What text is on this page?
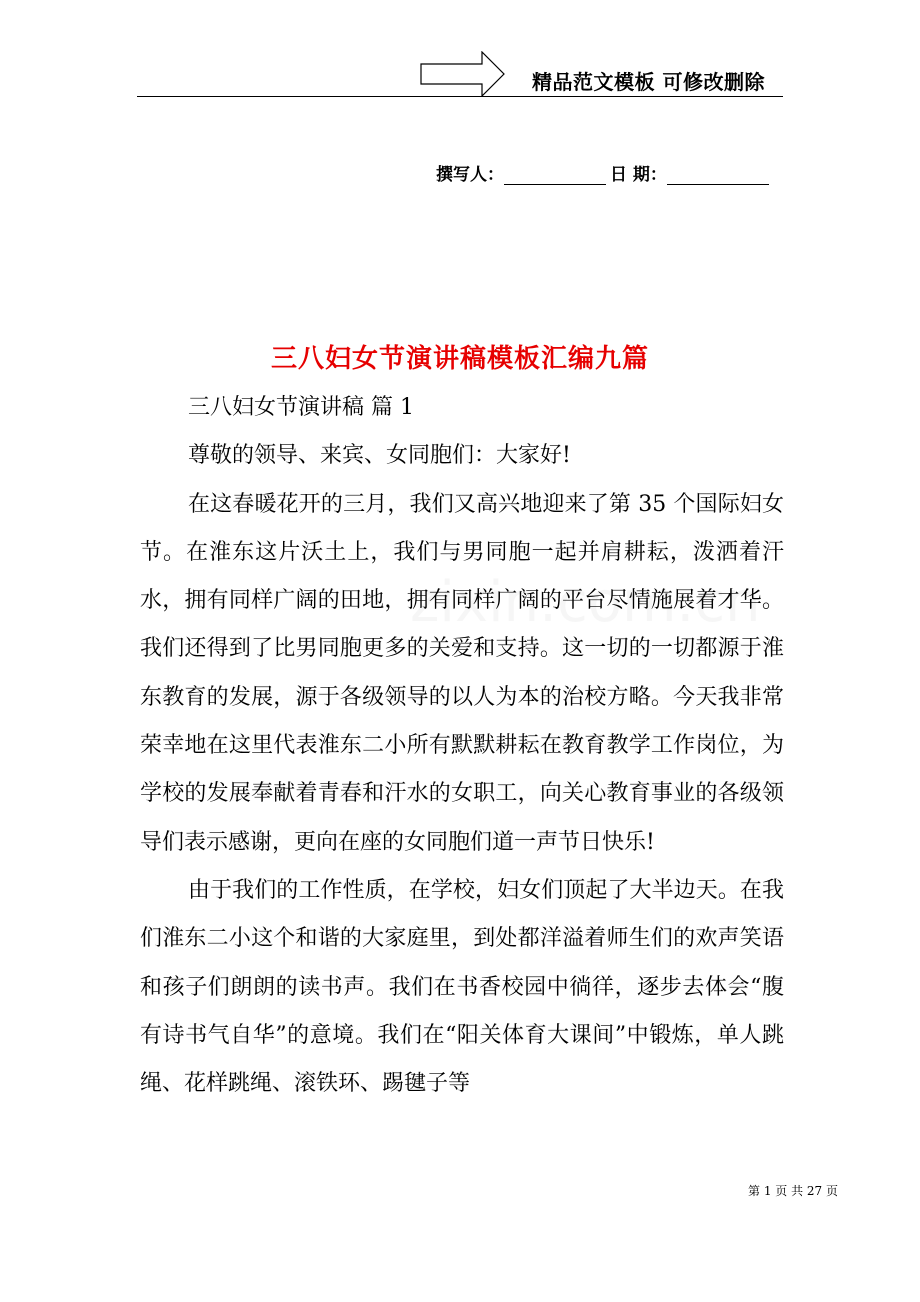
精品范文模板 可修改删除
撰写人：	日 期：
三八妇女节演讲稿模板汇编九篇

三八妇女节演讲稿 篇 1

尊敬的领导、来宾、女同胞们：大家好!

在这春暖花开的三月，我们又高兴地迎来了第 35 个国际妇女节。在淮东这片沃土上，我们与男同胞一起并肩耕耘，泼洒着汗水，拥有同样广阔的田地，拥有同样广阔的平台尽情施展着才华。我们还得到了比男同胞更多的关爱和支持。这一切的一切都源于淮东教育的发展，源于各级领导的以人为本的治校方略。今天我非常荣幸地在这里代表淮东二小所有默默耕耘在教育教学工作岗位，为学校的发展奉献着青春和汗水的女职工，向关心教育事业的各级领导们表示感谢，更向在座的女同胞们道一声节日快乐!

由于我们的工作性质，在学校，妇女们顶起了大半边天。在我们淮东二小这个和谐的大家庭里，到处都洋溢着师生们的欢声笑语和孩子们朗朗的读书声。我们在书香校园中徜徉，逐步去体会“腹有诗书气自华”的意境。我们在“阳关体育大课间”中锻炼，单人跳绳、花样跳绳、滚铁环、踢毽子等

第 1 页 共 27 页
